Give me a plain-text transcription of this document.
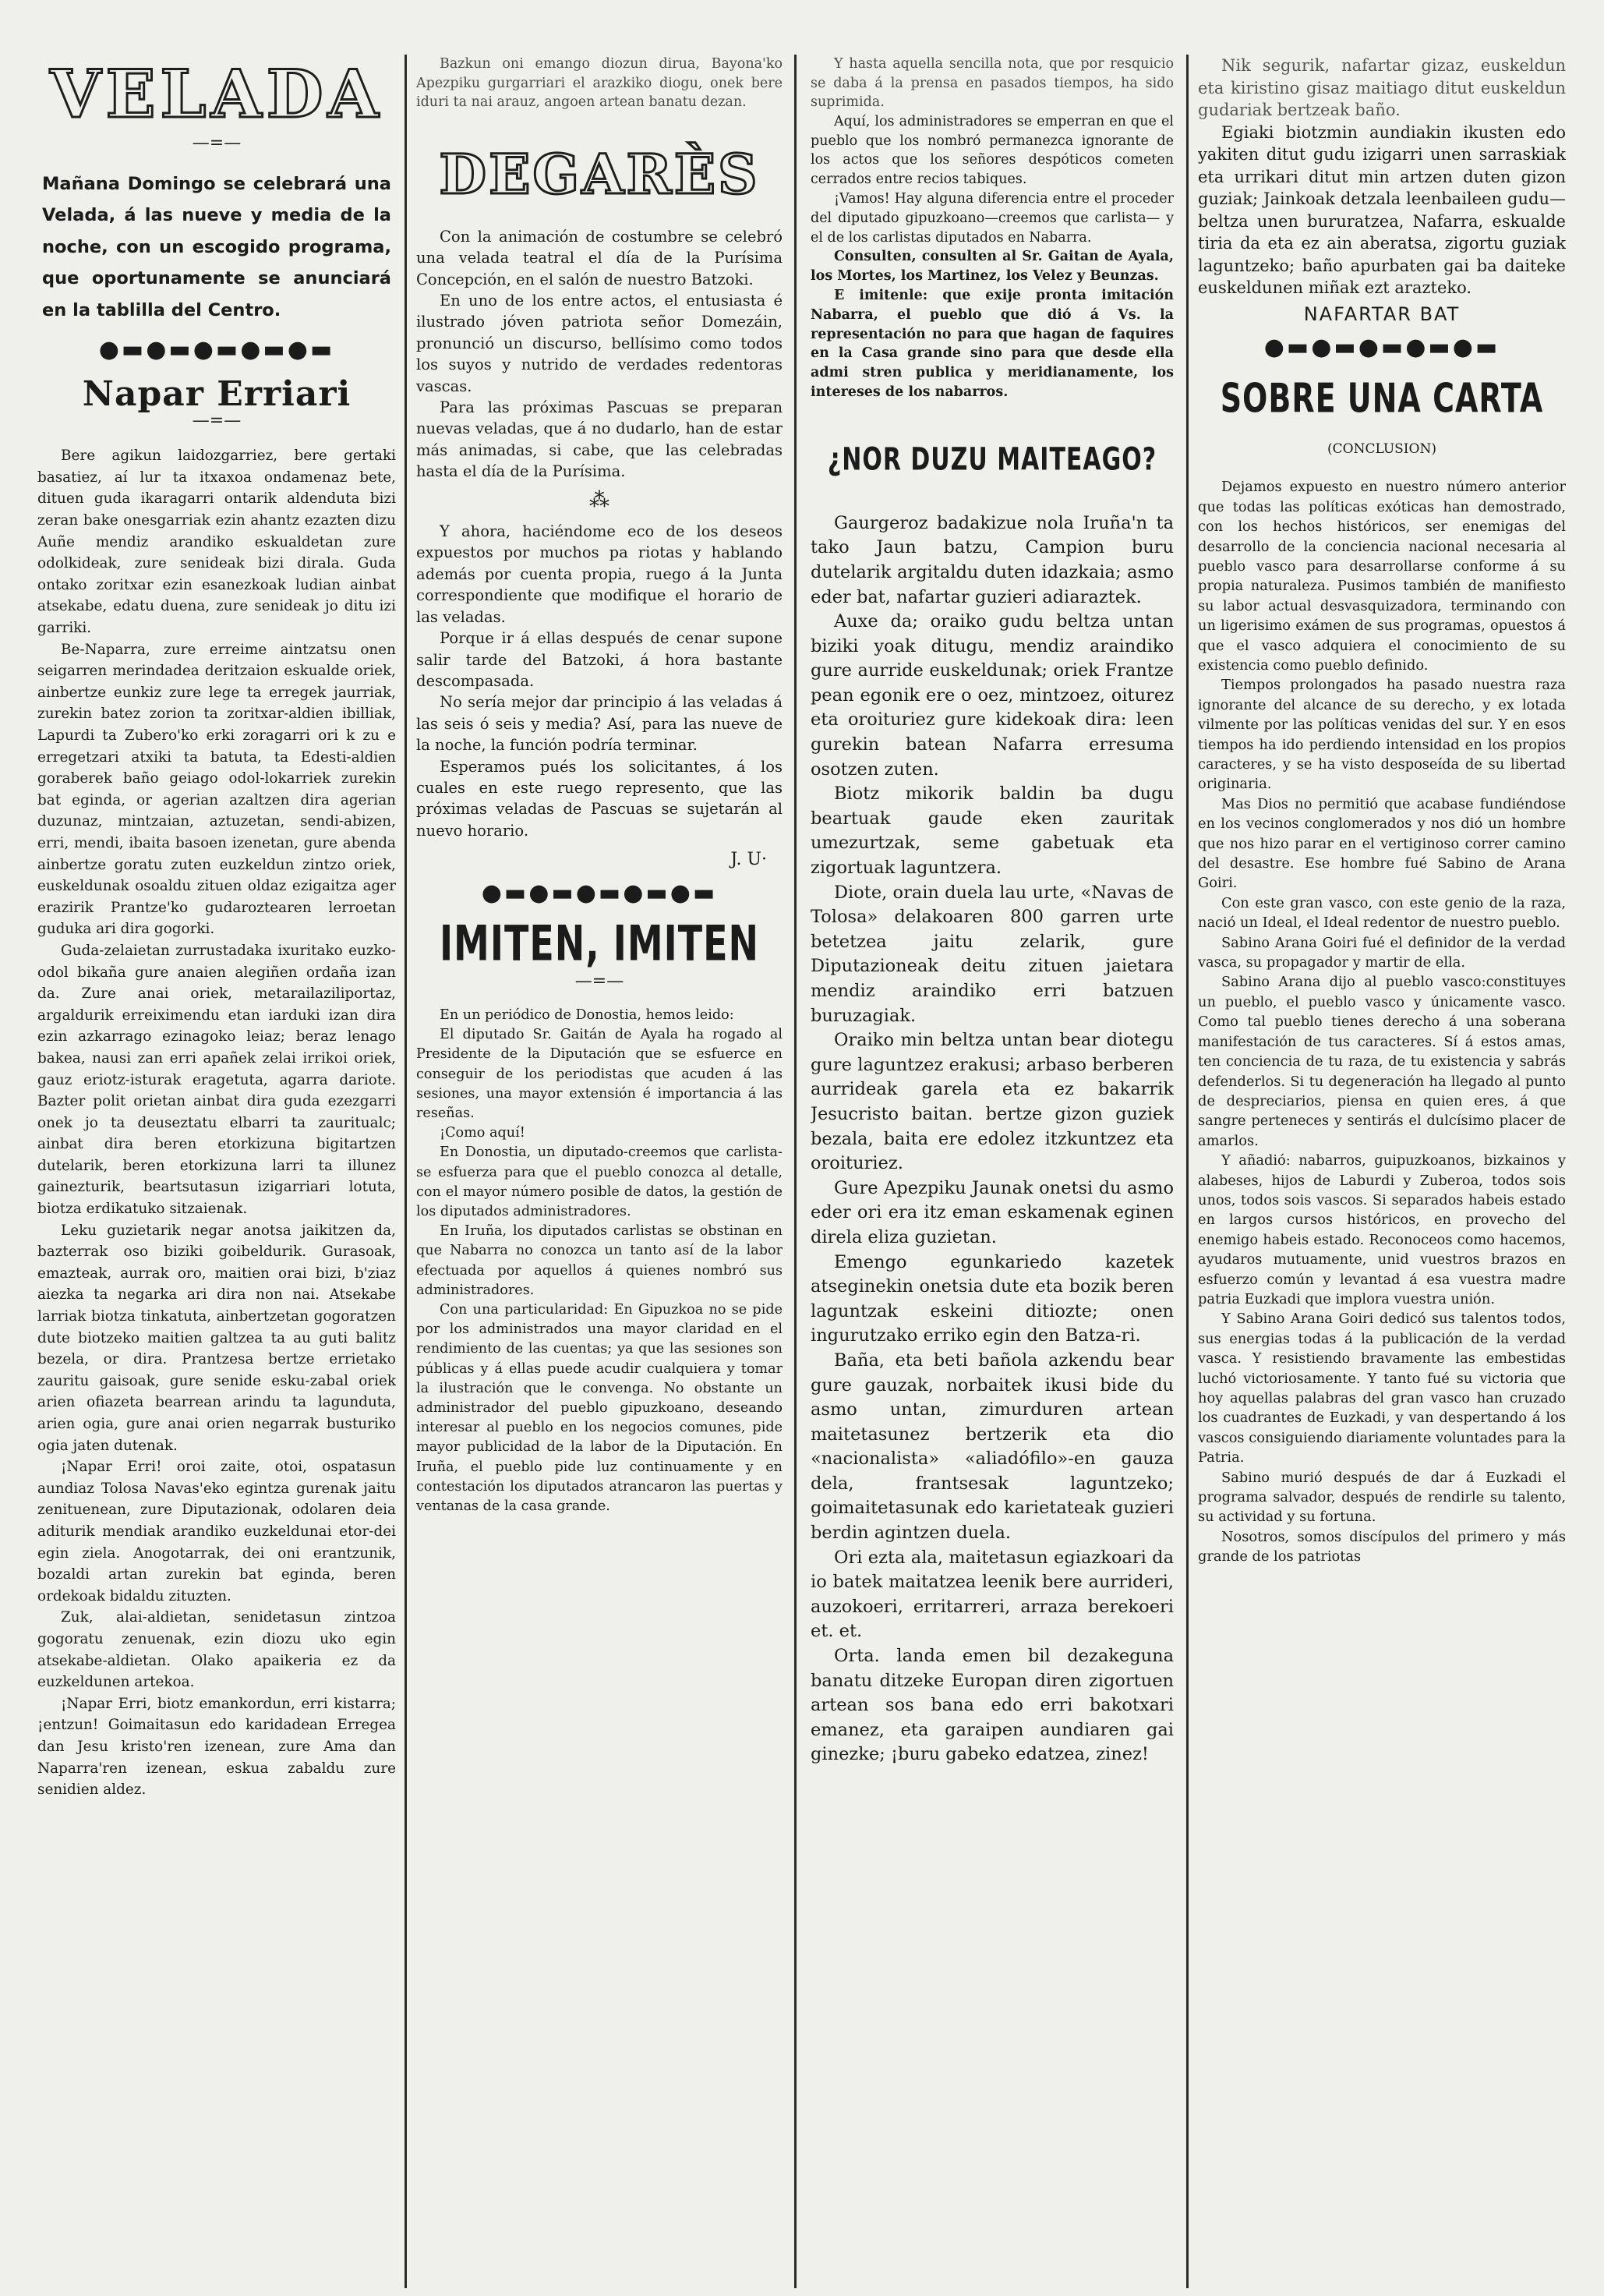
VELADA
—=—
Mañana Domingo se celebrará una Velada, á las nueve y media de la noche, con un escogido programa, que oportunamente se anunciará en la tablilla del Centro.
●▬●▬●▬●▬●▬
Napar Erriari
—=—

Bere agikun laidozgarriez, bere gertaki basatiez, aí lur ta itxaxoa ondamenaz bete, dituen guda ikaragarri ontarik aldenduta bizi zeran bake onesgarriak ezin ahantz ezazten dizu Auñe mendiz arandiko eskualdetan zure odolkideak, zure senideak bizi dirala. Guda ontako zoritxar ezin esanezkoak ludian ainbat atsekabe, edatu duena, zure senideak jo ditu izi garriki.

Be-Naparra, zure erreime aintzatsu onen seigarren merindadea deritzaion eskualde oriek, ainbertze eunkiz zure lege ta erregek jaurriak, zurekin batez zorion ta zoritxar-aldien ibilliak, Lapurdi ta Zubero'ko erki zoragarri ori k zu e erregetzari atxiki ta batuta, ta Edesti-aldien goraberek baño geiago odol-lokarriek zurekin bat eginda, or agerian azaltzen dira agerian duzunaz, mintzaian, aztuzetan, sendi-abizen, erri, mendi, ibaita basoen izenetan, gure abenda ainbertze goratu zuten euzkeldun zintzo oriek, euskeldunak osoaldu zituen oldaz ezigaitza ager erazirik Prantze'ko gudaroztearen lerroetan guduka ari dira gogorki.

Guda-zelaietan zurrustadaka ixuritako euzko-odol bikaña gure anaien alegiñen ordaña izan da. Zure anai oriek, metarailaziliportaz, argaldurik erreiximendu etan iarduki izan dira ezin azkarrago ezinagoko leiaz; beraz lenago bakea, nausi zan erri apañek zelai irrikoi oriek, gauz eriotz-isturak eragetuta, agarra dariote. Bazter polit orietan ainbat dira guda ezezgarri onek jo ta deuseztatu elbarri ta zauritualc; ainbat dira beren etorkizuna bigitartzen dutelarik, beren etorkizuna larri ta illunez gainezturik, beartsutasun izigarriari lotuta, biotza erdikatuko sitzaienak.

Leku guzietarik negar anotsa jaikitzen da, bazterrak oso biziki goibeldurik. Gurasoak, emazteak, aurrak oro, maitien orai bizi, b'ziaz aiezka ta negarka ari dira non nai. Atsekabe larriak biotza tinkatuta, ainbertzetan gogoratzen dute biotzeko maitien galtzea ta au guti balitz bezela, or dira. Prantzesa bertze errietako zauritu gaisoak, gure senide esku-zabal oriek arien ofiazeta bearrean arindu ta lagunduta, arien ogia, gure anai orien negarrak busturiko ogia jaten dutenak.

¡Napar Erri! oroi zaite, otoi, ospatasun aundiaz Tolosa Navas'eko egintza gurenak jaitu zenituenean, zure Diputazionak, odolaren deia aditurik mendiak arandiko euzkeldunai etor-dei egin ziela. Anogotarrak, dei oni erantzunik, bozaldi artan zurekin bat eginda, beren ordekoak bidaldu zituzten.

Zuk, alai-aldietan, senidetasun zintzoa gogoratu zenuenak, ezin diozu uko egin atsekabe-aldietan. Olako apaikeria ez da euzkeldunen artekoa.

¡Napar Erri, biotz emankordun, erri kistarra; ¡entzun! Goimaitasun edo karidadean Erregea dan Jesu kristo'ren izenean, zure Ama dan Naparra'ren izenean, eskua zabaldu zure senidien aldez.

Bazkun oni emango diozun dirua, Bayona'ko Apezpiku gurgarriari el arazkiko diogu, onek bere iduri ta nai arauz, angoen artean banatu dezan.

DEGARÈS

Con la animación de costumbre se celebró una velada teatral el día de la Purísima Concepción, en el salón de nuestro Batzoki.

En uno de los entre actos, el entusiasta é ilustrado jóven patriota señor Domezáin, pronunció un discurso, bellísimo como todos los suyos y nutrido de verdades redentoras vascas.

Para las próximas Pascuas se preparan nuevas veladas, que á no dudarlo, han de estar más animadas, si cabe, que las celebradas hasta el día de la Purísima.

⁂

Y ahora, haciéndome eco de los deseos expuestos por muchos pa riotas y hablando además por cuenta propia, ruego á la Junta correspondiente que modifique el horario de las veladas.

Porque ir á ellas después de cenar supone salir tarde del Batzoki, á hora bastante descompasada.

No sería mejor dar principio á las veladas á las seis ó seis y media? Así, para las nueve de la noche, la función podría terminar.

Esperamos pués los solicitantes, á los cuales en este ruego represento, que las próximas veladas de Pascuas se sujetarán al nuevo horario.

J. U·
●▬●▬●▬●▬●▬
IMITEN, IMITEN
—=—

En un periódico de Donostia, hemos leido:

El diputado Sr. Gaitán de Ayala ha rogado al Presidente de la Diputación que se esfuerce en conseguir de los periodistas que acuden á las sesiones, una mayor extensión é importancia á las reseñas.

¡Como aquí!

En Donostia, un diputado-creemos que carlista-se esfuerza para que el pueblo conozca al detalle, con el mayor número posible de datos, la gestión de los diputados administradores.

En Iruña, los diputados carlistas se obstinan en que Nabarra no conozca un tanto así de la labor efectuada por aquellos á quienes nombró sus administradores.

Con una particularidad: En Gipuzkoa no se pide por los administrados una mayor claridad en el rendimiento de las cuentas; ya que las sesiones son públicas y á ellas puede acudir cualquiera y tomar la ilustración que le convenga. No obstante un administrador del pueblo gipuzkoano, deseando interesar al pueblo en los negocios comunes, pide mayor publicidad de la labor de la Diputación. En Iruña, el pueblo pide luz continuamente y en contestación los diputados atrancaron las puertas y ventanas de la casa grande.

Y hasta aquella sencilla nota, que por resquicio se daba á la prensa en pasados tiempos, ha sido suprimida.

Aquí, los administradores se emperran en que el pueblo que los nombró permanezca ignorante de los actos que los señores despóticos cometen cerrados entre recios tabiques.

¡Vamos! Hay alguna diferencia entre el proceder del diputado gipuzkoano—creemos que carlista— y el de los carlistas diputados en Nabarra.

Consulten, consulten al Sr. Gaitan de Ayala, los Mortes, los Martinez, los Velez y Beunzas.

E imitenle: que exije pronta imitación Nabarra, el pueblo que dió á Vs. la representación no para que hagan de faquires en la Casa grande sino para que desde ella admi stren publica y meridianamente, los intereses de los nabarros.

¿NOR DUZU MAITEAGO?

Gaurgeroz badakizue nola Iruña'n ta tako Jaun batzu, Campion buru dutelarik argitaldu duten idazkaia; asmo eder bat, nafartar guzieri adiaraztek.

Auxe da; oraiko gudu beltza untan biziki yoak ditugu, mendiz araindiko gure aurride euskeldunak; oriek Frantze pean egonik ere o oez, mintzoez, oiturez eta oroituriez gure kidekoak dira: leen gurekin batean Nafarra erresuma osotzen zuten.

Biotz mikorik baldin ba dugu beartuak gaude eken zauritak umezurtzak, seme gabetuak eta zigortuak laguntzera.

Diote, orain duela lau urte, «Navas de Tolosa» delakoaren 800 garren urte betetzea jaitu zelarik, gure Diputazioneak deitu zituen jaietara mendiz araindiko erri batzuen buruzagiak.

Oraiko min beltza untan bear diotegu gure laguntzez erakusi; arbaso berberen aurrideak garela eta ez bakarrik Jesucristo baitan. bertze gizon guziek bezala, baita ere edolez itzkuntzez eta oroituriez.

Gure Apezpiku Jaunak onetsi du asmo eder ori era itz eman eskamenak eginen direla eliza guzietan.

Emengo egunkariedo kazetek atseginekin onetsia dute eta bozik beren laguntzak eskeini ditiozte; onen ingurutzako erriko egin den Batza-ri.

Baña, eta beti bañola azkendu bear gure gauzak, norbaitek ikusi bide du asmo untan, zimurduren artean maitetasunez bertzerik eta dio «nacionalista» «aliadófilo»-en gauza dela, frantsesak laguntzeko; goimaitetasunak edo karietateak guzieri berdin agintzen duela.

Ori ezta ala, maitetasun egiazkoari da io batek maitatzea leenik bere aurrideri, auzokoeri, erritarreri, arraza berekoeri et. et.

Orta. landa emen bil dezakeguna banatu ditzeke Europan diren zigortuen artean sos bana edo erri bakotxari emanez, eta garaipen aundiaren gai ginezke; ¡buru gabeko edatzea, zinez!

Nik segurik, nafartar gizaz, euskeldun eta kiristino gisaz maitiago ditut euskeldun gudariak bertzeak baño.

Egiaki biotzmin aundiakin ikusten edo yakiten ditut gudu izigarri unen sarraskiak eta urrikari ditut min artzen duten gizon guziak; Jainkoak detzala leenbaileen gudu—beltza unen bururatzea, Nafarra, eskualde tiria da eta ez ain aberatsa, zigortu guziak laguntzeko; baño apurbaten gai ba daiteke euskeldunen miñak ezt arazteko.

NAFARTAR BAT
●▬●▬●▬●▬●▬
SOBRE UNA CARTA
(CONCLUSION)

Dejamos expuesto en nuestro número anterior que todas las políticas exóticas han demostrado, con los hechos históricos, ser enemigas del desarrollo de la conciencia nacional necesaria al pueblo vasco para desarrollarse conforme á su propia naturaleza. Pusimos también de manifiesto su labor actual desvasquizadora, terminando con un ligerisimo exámen de sus programas, opuestos á que el vasco adquiera el conocimiento de su existencia como pueblo definido.

Tiempos prolongados ha pasado nuestra raza ignorante del alcance de su derecho, y ex lotada vilmente por las políticas venidas del sur. Y en esos tiempos ha ido perdiendo intensidad en los propios caracteres, y se ha visto desposeída de su libertad originaria.

Mas Dios no permitió que acabase fundiéndose en los vecinos conglomerados y nos dió un hombre que nos hizo parar en el vertiginoso correr camino del desastre. Ese hombre fué Sabino de Arana Goiri.

Con este gran vasco, con este genio de la raza, nació un Ideal, el Ideal redentor de nuestro pueblo.

Sabino Arana Goiri fué el definidor de la verdad vasca, su propagador y martir de ella.

Sabino Arana dijo al pueblo vasco:constituyes un pueblo, el pueblo vasco y únicamente vasco. Como tal pueblo tienes derecho á una soberana manifestación de tus caracteres. Sí á estos amas, ten conciencia de tu raza, de tu existencia y sabrás defenderlos. Si tu degeneración ha llegado al punto de despreciarios, piensa en quien eres, á que sangre perteneces y sentirás el dulcísimo placer de amarlos.

Y añadió: nabarros, guipuzkoanos, bizkainos y alabeses, hijos de Laburdi y Zuberoa, todos sois unos, todos sois vascos. Si separados habeis estado en largos cursos históricos, en provecho del enemigo habeis estado. Reconoceos como hacemos, ayudaros mutuamente, unid vuestros brazos en esfuerzo común y levantad á esa vuestra madre patria Euzkadi que implora vuestra unión.

Y Sabino Arana Goiri dedicó sus talentos todos, sus energias todas á la publicación de la verdad vasca. Y resistiendo bravamente las embestidas luchó victoriosamente. Y tanto fué su victoria que hoy aquellas palabras del gran vasco han cruzado los cuadrantes de Euzkadi, y van despertando á los vascos consiguiendo diariamente voluntades para la Patria.

Sabino murió después de dar á Euzkadi el programa salvador, después de rendirle su talento, su actividad y su fortuna.

Nosotros, somos discípulos del primero y más grande de los patriotas
